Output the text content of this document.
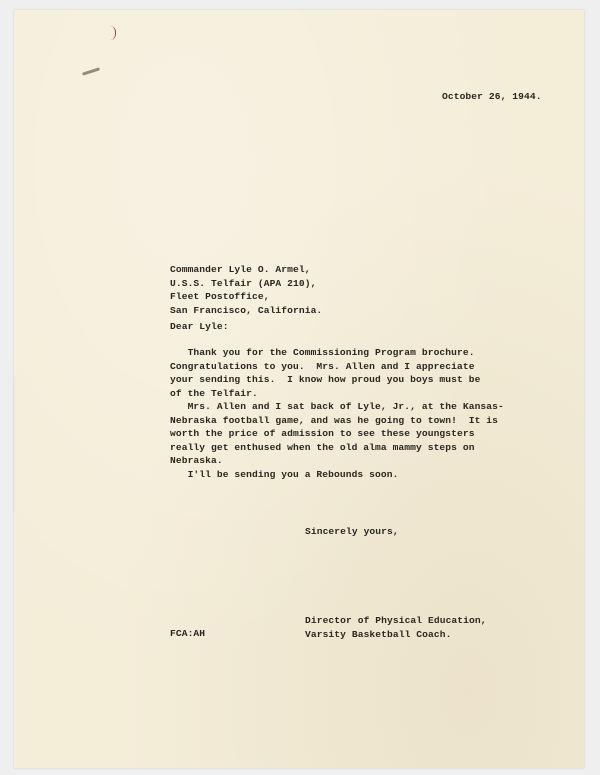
October 26, 1944.
Commander Lyle O. Armel,
U.S.S. Telfair (APA 210),
Fleet Postoffice,
San Francisco, California.
Dear Lyle:
Thank you for the Commissioning Program brochure.
Congratulations to you.  Mrs. Allen and I appreciate
your sending this.  I know how proud you boys must be
of the Telfair.
Mrs. Allen and I sat back of Lyle, Jr., at the Kansas-
Nebraska football game, and was he going to town!  It is
worth the price of admission to see these youngsters
really get enthused when the old alma mammy steps on
Nebraska.
I'll be sending you a Rebounds soon.
Sincerely yours,
Director of Physical Education,
Varsity Basketball Coach.
FCA:AH
